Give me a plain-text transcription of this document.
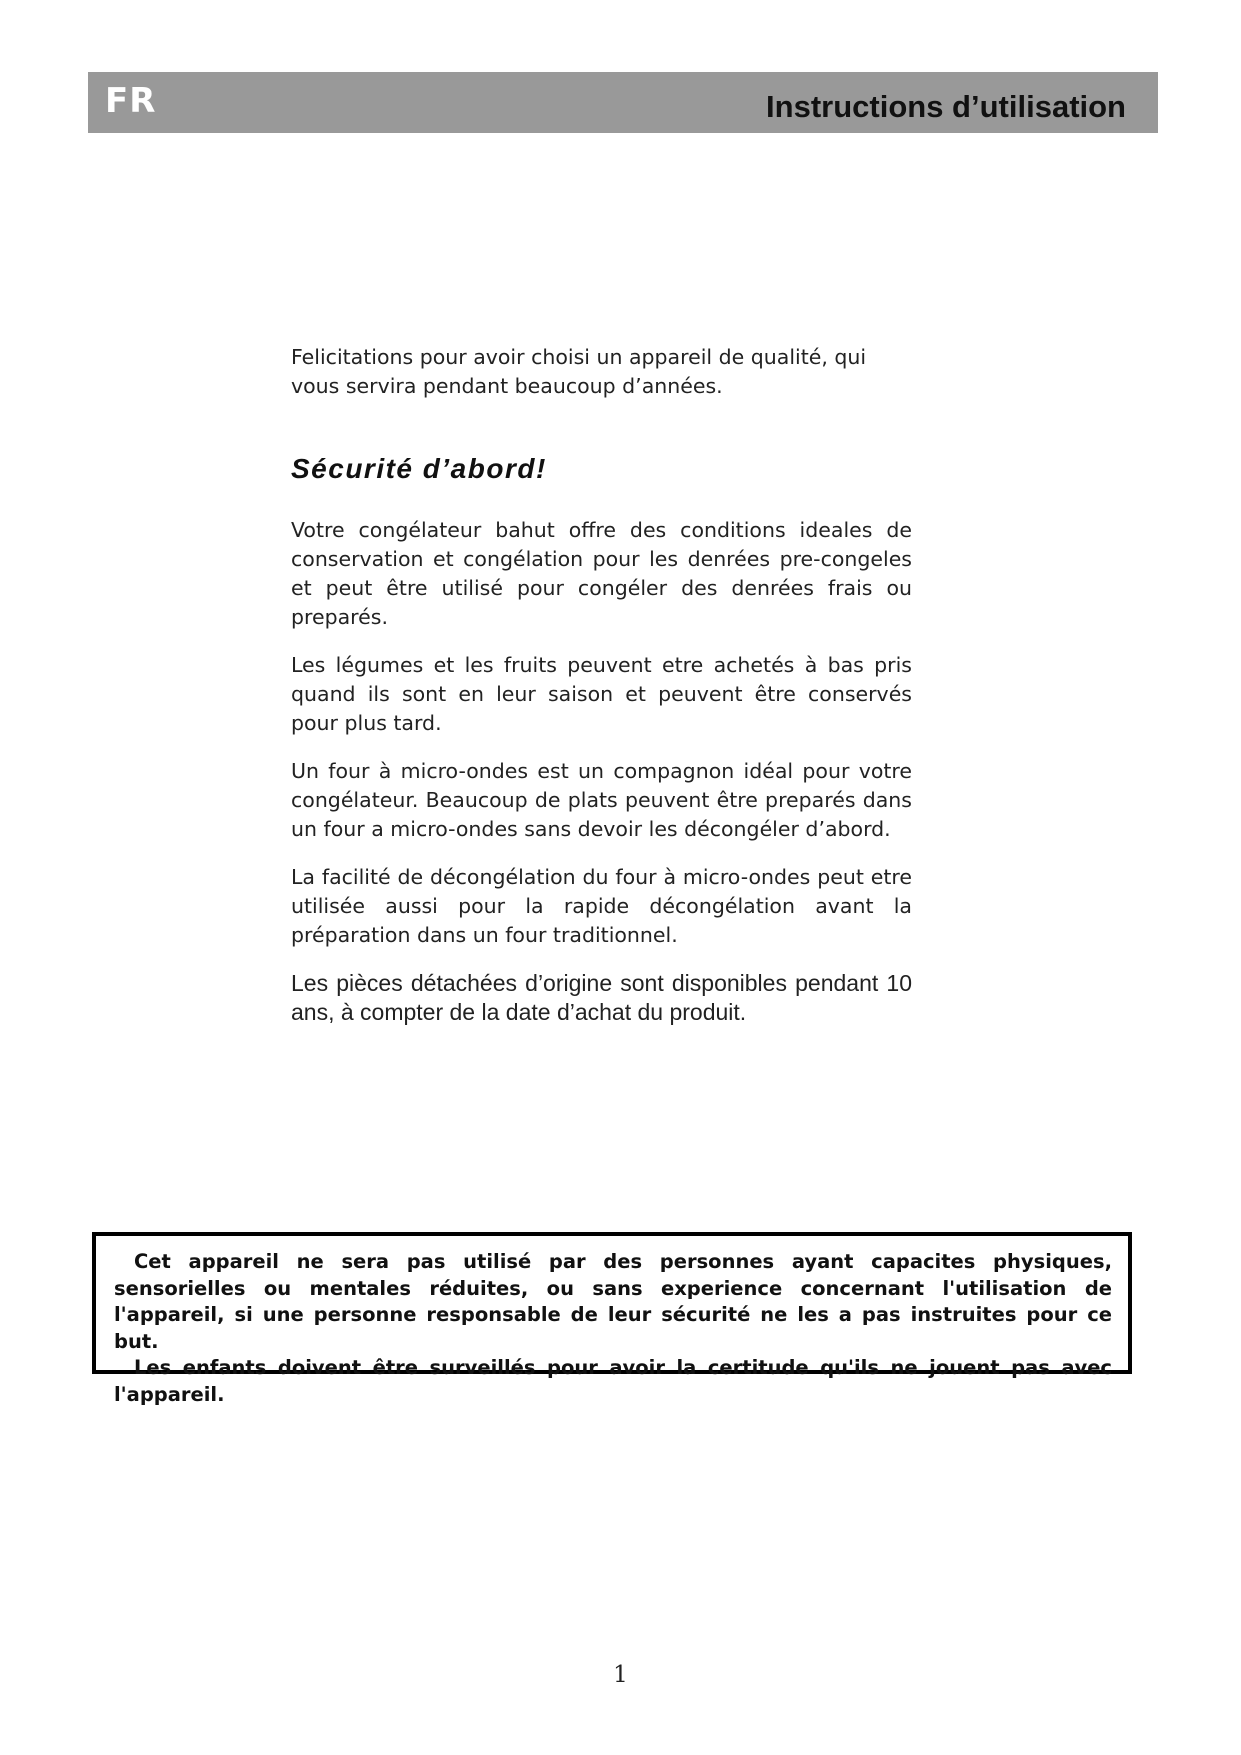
FR	Instructions d’utilisation

Felicitations pour avoir choisi un appareil de qualité, qui vous servira pendant beaucoup d’années.

Sécurité d’abord!

Votre congélateur bahut offre des conditions ideales de conservation et congélation pour les denrées pre-congeles et peut être utilisé pour congéler des denrées frais ou preparés.

Les légumes et les fruits peuvent etre achetés à bas pris quand ils sont en leur saison et peuvent être conservés pour plus tard.

Un four à micro-ondes est un compagnon idéal pour votre congélateur. Beaucoup de plats peuvent être preparés dans un four a micro-ondes sans devoir les décongéler d’abord.

La facilité de décongélation du four à micro-ondes peut etre utilisée aussi pour la rapide décongélation avant la préparation dans un four traditionnel.

Les pièces détachées d’origine sont disponibles pendant 10 ans, à compter de la date d’achat du produit.

Cet appareil ne sera pas utilisé par des personnes ayant capacites physiques, sensorielles ou mentales réduites, ou sans experience concernant l'utilisation de l'appareil, si une personne responsable de leur sécurité ne les a pas instruites pour ce but.

Les enfants doivent être surveillés pour avoir la certitude qu'ils ne jouent pas avec l'appareil.

1
